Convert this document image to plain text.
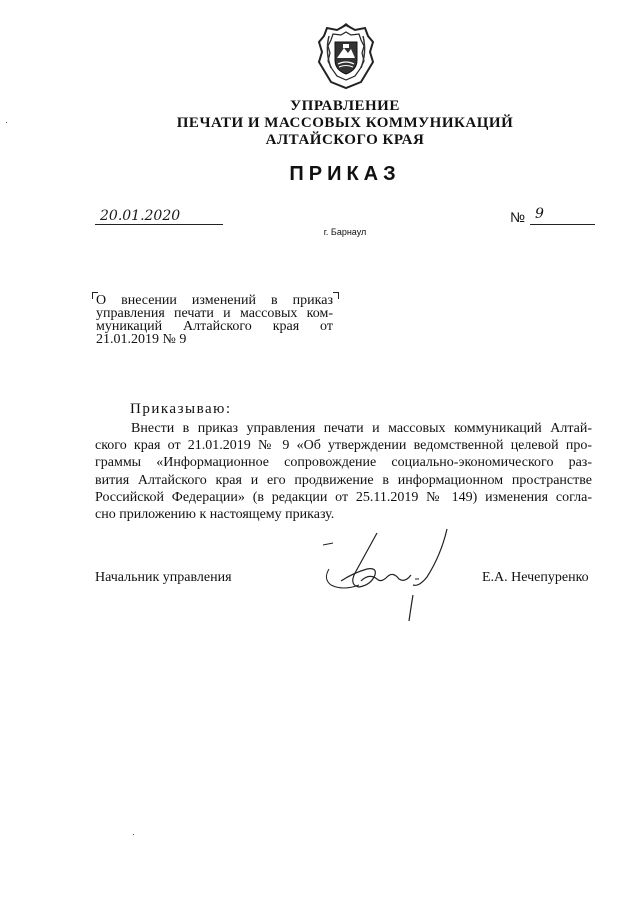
УПРАВЛЕНИЕ
ПЕЧАТИ И МАССОВЫХ КОММУНИКАЦИЙ
АЛТАЙСКОГО КРАЯ
ПРИКАЗ
20.01.2020	№ 9
г. Барнаул
О внесении изменений в приказ
управления печати и массовых ком-
муникаций Алтайского края от
21.01.2019 № 9
Приказываю:
Внести в приказ управления печати и массовых коммуникаций Алтай-
ского края от 21.01.2019 № 9 «Об утверждении ведомственной целевой про-
граммы «Информационное сопровождение социально-экономического раз-
вития Алтайского края и его продвижение в информационном пространстве
Российской Федерации» (в редакции от 25.11.2019 № 149) изменения согла-
сно приложению к настоящему приказу.
Начальник управления	Е.А. Нечепуренко
